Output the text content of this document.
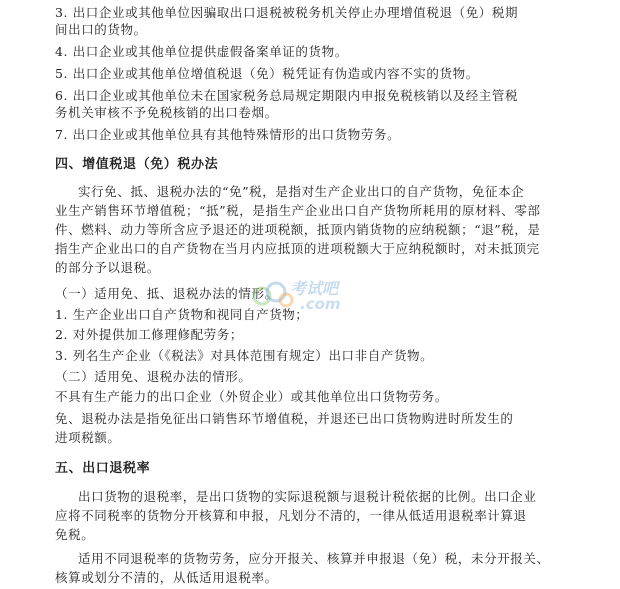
3. 出口企业或其他单位因骗取出口退税被税务机关停止办理增值税退（免）税期
间出口的货物。
4. 出口企业或其他单位提供虚假备案单证的货物。
5. 出口企业或其他单位增值税退（免）税凭证有伪造或内容不实的货物。
6. 出口企业或其他单位未在国家税务总局规定期限内申报免税核销以及经主管税
务机关审核不予免税核销的出口卷烟。
7. 出口企业或其他单位具有其他特殊情形的出口货物劳务。
四、增值税退（免）税办法
实行免、抵、退税办法的“免”税，是指对生产企业出口的自产货物，免征本企
业生产销售环节增值税；“抵”税，是指生产企业出口自产货物所耗用的原材料、零部
件、燃料、动力等所含应予退还的进项税额，抵顶内销货物的应纳税额；“退”税，是
指生产企业出口的自产货物在当月内应抵顶的进项税额大于应纳税额时，对未抵顶完
的部分予以退税。
（一）适用免、抵、退税办法的情形。
1. 生产企业出口自产货物和视同自产货物；
2. 对外提供加工修理修配劳务；
3. 列名生产企业（《税法》对具体范围有规定）出口非自产货物。
（二）适用免、退税办法的情形。
不具有生产能力的出口企业（外贸企业）或其他单位出口货物劳务。
免、退税办法是指免征出口销售环节增值税，并退还已出口货物购进时所发生的
进项税额。
五、出口退税率
出口货物的退税率，是出口货物的实际退税额与退税计税依据的比例。出口企业
应将不同税率的货物分开核算和申报，凡划分不清的，一律从低适用退税率计算退
免税。
适用不同退税率的货物劳务，应分开报关、核算并申报退（免）税，未分开报关、
核算或划分不清的，从低适用退税率。
考试吧
.com
